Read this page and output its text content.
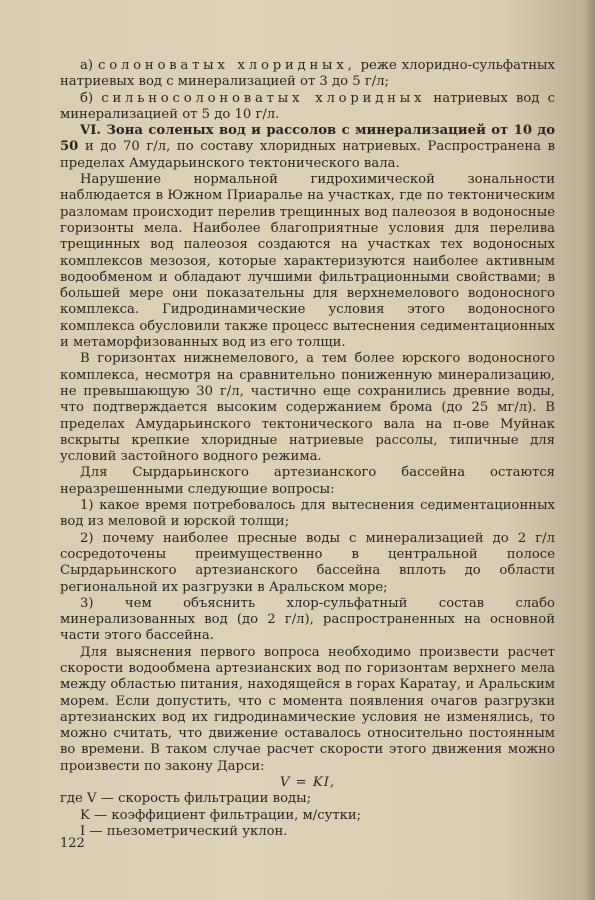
а) солоноватых хлоридных, реже хлоридно-сульфатных натриевых вод с минерализацией от 3 до 5 г/л;

б) сильносолоноватых хлоридных натриевых вод с минерализацией от 5 до 10 г/л.

VI. Зона соленых вод и рассолов с минерализацией от 10 до 50 и до 70 г/л, по составу хлоридных натриевых. Распространена в пределах Амударьинского тектонического вала.

Нарушение нормальной гидрохимической зональности наблюдается в Южном Приаралье на участках, где по тектоническим разломам происходит перелив трещинных вод палеозоя в водоносные горизонты мела. Наиболее благоприятные условия для перелива трещинных вод палеозоя создаются на участках тех водоносных комплексов мезозоя, которые характеризуются наиболее активным водообменом и обладают лучшими фильтрационными свойствами; в большей мере они показательны для верхнемелового водоносного комплекса. Гидродинамические условия этого водоносного комплекса обусловили также процесс вытеснения седиментационных и метаморфизованных вод из его толщи.

В горизонтах нижнемелового, а тем более юрского водоносного комплекса, несмотря на сравнительно пониженную минерализацию, не превышающую 30 г/л, частично еще сохранились древние воды, что подтверждается высоким содержанием брома (до 25 мг/л). В пределах Амударьинского тектонического вала на п-ове Муйнак вскрыты крепкие хлоридные натриевые рассолы, типичные для условий застойного водного режима.

Для Сырдарьинского артезианского бассейна остаются неразрешенными следующие вопросы:

1) какое время потребовалось для вытеснения седиментационных вод из меловой и юрской толщи;

2) почему наиболее пресные воды с минерализацией до 2 г/л сосредоточены преимущественно в центральной полосе Сырдарьинского артезианского бассейна вплоть до области региональной их разгрузки в Аральском море;

3) чем объяснить хлор-сульфатный состав слабо минерализованных вод (до 2 г/л), распространенных на основной части этого бассейна.

Для выяснения первого вопроса необходимо произвести расчет скорости водообмена артезианских вод по горизонтам верхнего мела между областью питания, находящейся в горах Каратау, и Аральским морем. Если допустить, что с момента появления очагов разгрузки артезианских вод их гидродинамические условия не изменялись, то можно считать, что движение оставалось относительно постоянным во времени. В таком случае расчет скорости этого движения можно произвести по закону Дарси:

V = KI,

где V — скорость фильтрации воды;

K — коэффициент фильтрации, м/сутки;

I — пьезометрический уклон.

122
